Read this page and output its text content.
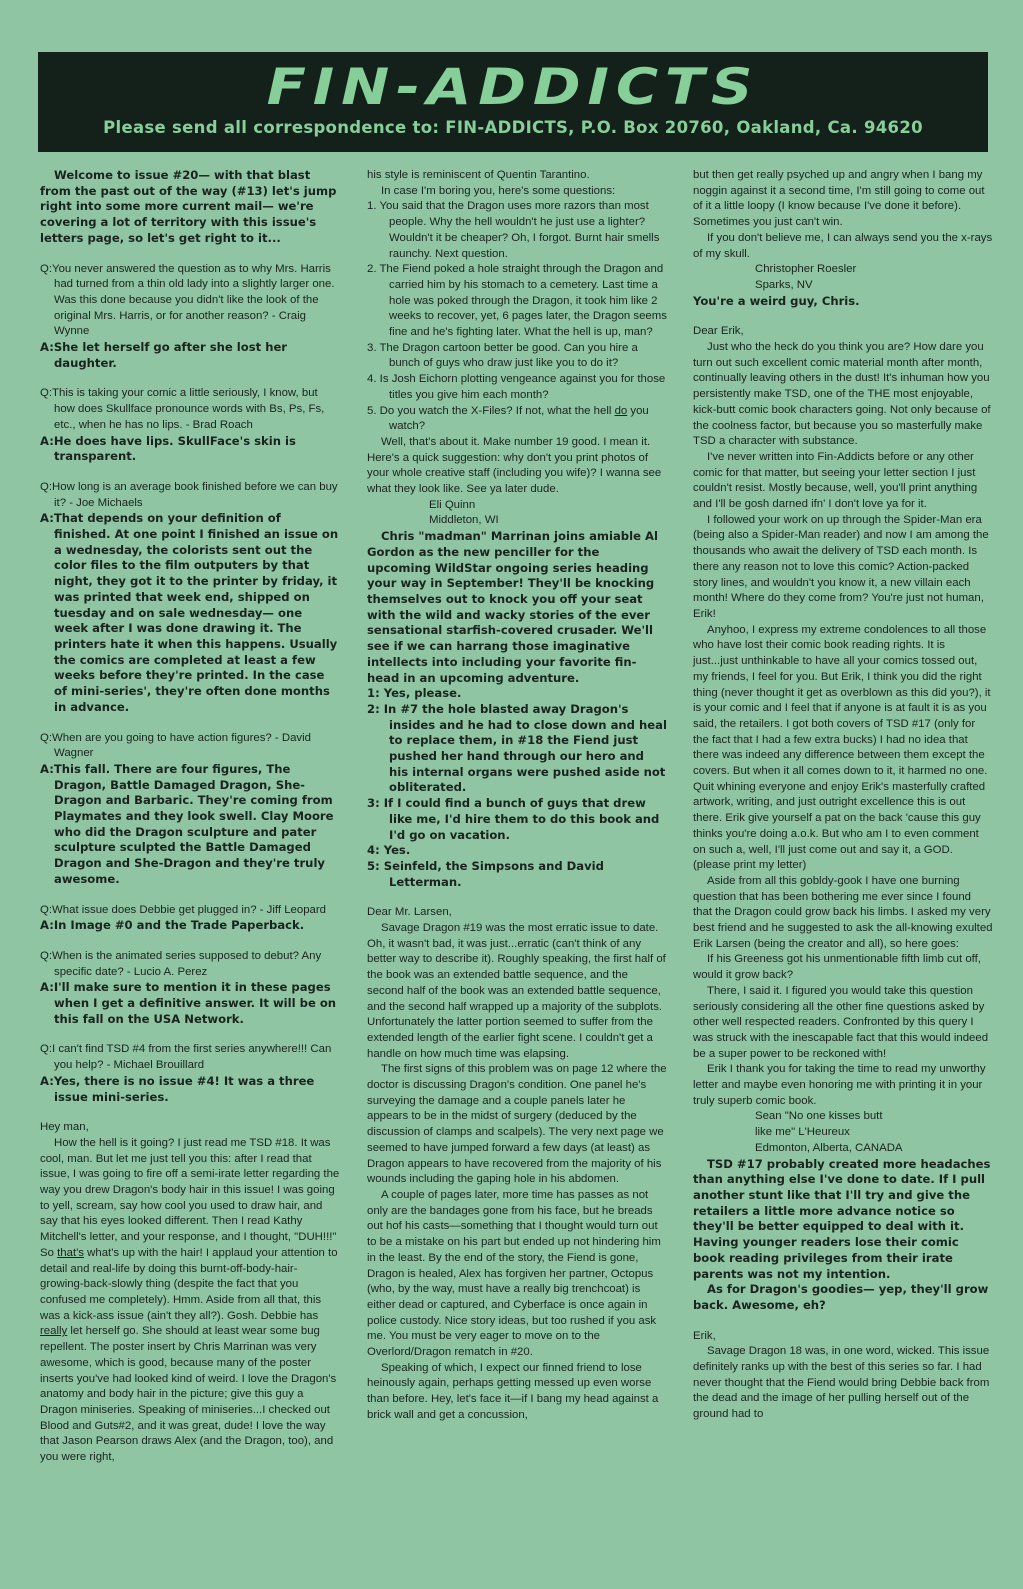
FIN-ADDICTS
Please send all correspondence to: FIN-ADDICTS, P.O. Box 20760, Oakland, Ca. 94620

Welcome to issue #20— with that blast from the past out of the way (#13) let's jump right into some more current mail— we're covering a lot of territory with this issue's letters page, so let's get right to it...

Q:You never answered the question as to why Mrs. Harris had turned from a thin old lady into a slightly larger one. Was this done because you didn't like the look of the original Mrs. Harris, or for another reason? - Craig Wynne

A:She let herself go after she lost her daughter.

Q:This is taking your comic a little seriously, I know, but how does Skullface pronounce words with Bs, Ps, Fs, etc., when he has no lips. - Brad Roach

A:He does have lips. SkullFace's skin is transparent.

Q:How long is an average book finished before we can buy it? - Joe Michaels

A:That depends on your definition of finished. At one point I finished an issue on a wednesday, the colorists sent out the color files to the film outputers by that night, they got it to the printer by friday, it was printed that week end, shipped on tuesday and on sale wednesday— one week after I was done drawing it. The printers hate it when this happens. Usually the comics are completed at least a few weeks before they're printed. In the case of mini-series', they're often done months in advance.

Q:When are you going to have action figures? - David Wagner

A:This fall. There are four figures, The Dragon, Battle Damaged Dragon, She-Dragon and Barbaric. They're coming from Playmates and they look swell. Clay Moore who did the Dragon sculpture and pater sculpture sculpted the Battle Damaged Dragon and She-Dragon and they're truly awesome.

Q:What issue does Debbie get plugged in? - Jiff Leopard

A:In Image #0 and the Trade Paperback.

Q:When is the animated series supposed to debut? Any specific date? - Lucio A. Perez

A:I'll make sure to mention it in these pages when I get a definitive answer. It will be on this fall on the USA Network.

Q:I can't find TSD #4 from the first series anywhere!!! Can you help? - Michael Brouillard

A:Yes, there is no issue #4! It was a three issue mini-series.

Hey man,

How the hell is it going? I just read me TSD #18. It was cool, man. But let me just tell you this: after I read that issue, I was going to fire off a semi-irate letter regarding the way you drew Dragon's body hair in this issue! I was going to yell, scream, say how cool you used to draw hair, and say that his eyes looked different. Then I read Kathy Mitchell's letter, and your response, and I thought, "DUH!!!" So that's what's up with the hair! I applaud your attention to detail and real-life by doing this burnt-off-body-hair-growing-back-slowly thing (despite the fact that you confused me completely). Hmm. Aside from all that, this was a kick-ass issue (ain't they all?). Gosh. Debbie has really let herself go. She should at least wear some bug repellent. The poster insert by Chris Marrinan was very awesome, which is good, because many of the poster inserts you've had looked kind of weird. I love the Dragon's anatomy and body hair in the picture; give this guy a Dragon miniseries. Speaking of miniseries...I checked out Blood and Guts#2, and it was great, dude! I love the way that Jason Pearson draws Alex (and the Dragon, too), and you were right,

his style is reminiscent of Quentin Tarantino.

In case I'm boring you, here's some questions:

1. You said that the Dragon uses more razors than most people. Why the hell wouldn't he just use a lighter? Wouldn't it be cheaper? Oh, I forgot. Burnt hair smells raunchy. Next question.

2. The Fiend poked a hole straight through the Dragon and carried him by his stomach to a cemetery. Last time a hole was poked through the Dragon, it took him like 2 weeks to recover, yet, 6 pages later, the Dragon seems fine and he's fighting later. What the hell is up, man?

3. The Dragon cartoon better be good. Can you hire a bunch of guys who draw just like you to do it?

4. Is Josh Eichorn plotting vengeance against you for those titles you give him each month?

5. Do you watch the X-Files? If not, what the hell do you watch?

Well, that's about it. Make number 19 good. I mean it. Here's a quick suggestion: why don't you print photos of your whole creative staff (including you wife)? I wanna see what they look like. See ya later dude.

Eli Quinn

Middleton, WI

Chris "madman" Marrinan joins amiable Al Gordon as the new penciller for the upcoming WildStar ongoing series heading your way in September! They'll be knocking themselves out to knock you off your seat with the wild and wacky stories of the ever sensational starfish-covered crusader. We'll see if we can harrang those imaginative intellects into including your favorite fin-head in an upcoming adventure.

1: Yes, please.

2: In #7 the hole blasted away Dragon's insides and he had to close down and heal to replace them, in #18 the Fiend just pushed her hand through our hero and his internal organs were pushed aside not obliterated.

3: If I could find a bunch of guys that drew like me, I'd hire them to do this book and I'd go on vacation.

4: Yes.

5: Seinfeld, the Simpsons and David Letterman.

Dear Mr. Larsen,

Savage Dragon #19 was the most erratic issue to date. Oh, it wasn't bad, it was just...erratic (can't think of any better way to describe it). Roughly speaking, the first half of the book was an extended battle sequence, and the second half of the book was an extended battle sequence, and the second half wrapped up a majority of the subplots. Unfortunately the latter portion seemed to suffer from the extended length of the earlier fight scene. I couldn't get a handle on how much time was elapsing.

The first signs of this problem was on page 12 where the doctor is discussing Dragon's condition. One panel he's surveying the damage and a couple panels later he appears to be in the midst of surgery (deduced by the discussion of clamps and scalpels). The very next page we seemed to have jumped forward a few days (at least) as Dragon appears to have recovered from the majority of his wounds including the gaping hole in his abdomen.

A couple of pages later, more time has passes as not only are the bandages gone from his face, but he breads out hof his casts—something that I thought would turn out to be a mistake on his part but ended up not hindering him in the least. By the end of the story, the Fiend is gone, Dragon is healed, Alex has forgiven her partner, Octopus (who, by the way, must have a really big trenchcoat) is either dead or captured, and Cyberface is once again in police custody. Nice story ideas, but too rushed if you ask me. You must be very eager to move on to the Overlord/Dragon rematch in #20.

Speaking of which, I expect our finned friend to lose heinously again, perhaps getting messed up even worse than before. Hey, let's face it—if I bang my head against a brick wall and get a concussion,

but then get really psyched up and angry when I bang my noggin against it a second time, I'm still going to come out of it a little loopy (I know because I've done it before). Sometimes you just can't win.

If you don't believe me, I can always send you the x-rays of my skull.

Christopher Roesler

Sparks, NV

You're a weird guy, Chris.

Dear Erik,

Just who the heck do you think you are? How dare you turn out such excellent comic material month after month, continually leaving others in the dust! It's inhuman how you persistently make TSD, one of the THE most enjoyable, kick-butt comic book characters going. Not only because of the coolness factor, but because you so masterfully make TSD a character with substance.

I've never written into Fin-Addicts before or any other comic for that matter, but seeing your letter section I just couldn't resist. Mostly because, well, you'll print anything and I'll be gosh darned ifn' I don't love ya for it.

I followed your work on up through the Spider-Man era (being also a Spider-Man reader) and now I am among the thousands who await the delivery of TSD each month. Is there any reason not to love this comic? Action-packed story lines, and wouldn't you know it, a new villain each month! Where do they come from? You're just not human, Erik!

Anyhoo, I express my extreme condolences to all those who have lost their comic book reading rights. It is just...just unthinkable to have all your comics tossed out, my friends, I feel for you. But Erik, I think you did the right thing (never thought it get as overblown as this did you?), it is your comic and I feel that if anyone is at fault it is as you said, the retailers. I got both covers of TSD #17 (only for the fact that I had a few extra bucks) I had no idea that there was indeed any difference between them except the covers. But when it all comes down to it, it harmed no one. Quit whining everyone and enjoy Erik's masterfully crafted artwork, writing, and just outright excellence this is out there. Erik give yourself a pat on the back 'cause this guy thinks you're doing a.o.k. But who am I to even comment on such a, well, I'll just come out and say it, a GOD. (please print my letter)

Aside from all this gobldy-gook I have one burning question that has been bothering me ever since I found that the Dragon could grow back his limbs. I asked my very best friend and he suggested to ask the all-knowing exulted Erik Larsen (being the creator and all), so here goes:

If his Greeness got his unmentionable fifth limb cut off, would it grow back?

There, I said it. I figured you would take this question seriously considering all the other fine questions asked by other well respected readers. Confronted by this query I was struck with the inescapable fact that this would indeed be a super power to be reckoned with!

Erik I thank you for taking the time to read my unworthy letter and maybe even honoring me with printing it in your truly superb comic book.

Sean "No one kisses butt

like me" L'Heureux

Edmonton, Alberta, CANADA

TSD #17 probably created more headaches than anything else I've done to date. If I pull another stunt like that I'll try and give the retailers a little more advance notice so they'll be better equipped to deal with it. Having younger readers lose their comic book reading privileges from their irate parents was not my intention.

As for Dragon's goodies— yep, they'll grow back. Awesome, eh?

Erik,

Savage Dragon 18 was, in one word, wicked. This issue definitely ranks up with the best of this series so far. I had never thought that the Fiend would bring Debbie back from the dead and the image of her pulling herself out of the ground had to
